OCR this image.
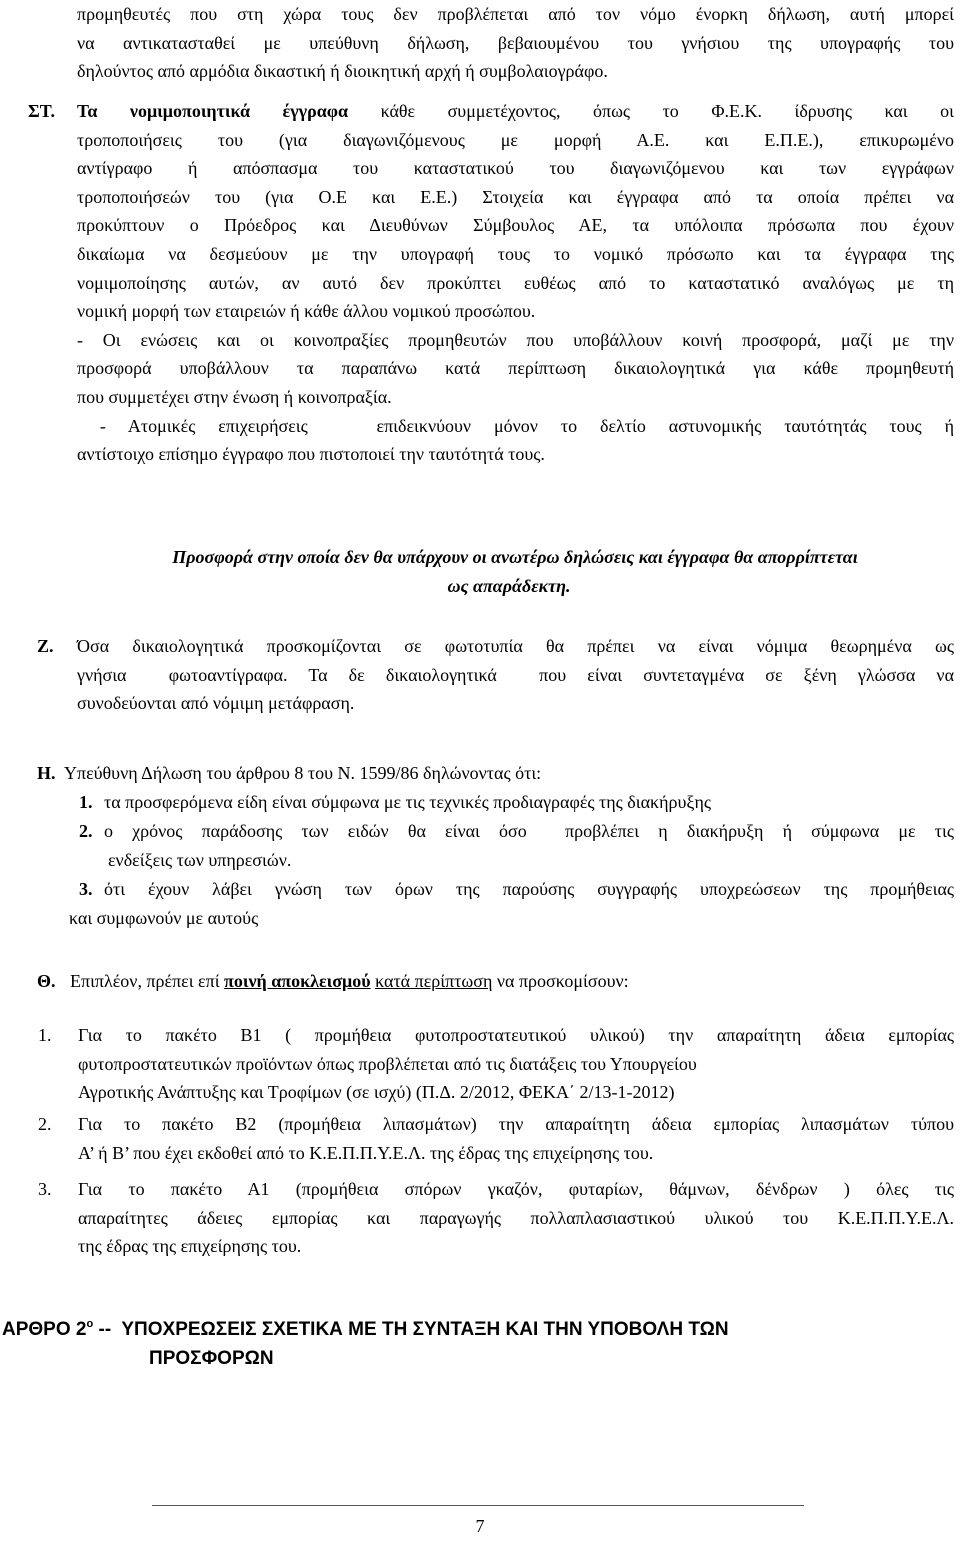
προμηθευτές που στη χώρα τους δεν προβλέπεται από τον νόμο ένορκη δήλωση, αυτή μπορεί
να αντικατασταθεί με υπεύθυνη δήλωση, βεβαιουμένου του γνήσιου της υπογραφής του
δηλούντος από αρμόδια δικαστική ή διοικητική αρχή ή συμβολαιογράφο.
ΣΤ. Τα νομιμοποιητικά έγγραφα κάθε συμμετέχοντος, όπως το Φ.Ε.Κ. ίδρυσης και οι
τροποποιήσεις του (για διαγωνιζόμενους με μορφή Α.Ε. και Ε.Π.Ε.), επικυρωμένο
αντίγραφο ή απόσπασμα του καταστατικού του διαγωνιζόμενου και των εγγράφων
τροποποιήσεών του (για Ο.Ε και Ε.Ε.) Στοιχεία και έγγραφα από τα οποία πρέπει να
προκύπτουν ο Πρόεδρος και Διευθύνων Σύμβουλος ΑΕ, τα υπόλοιπα πρόσωπα που έχουν
δικαίωμα να δεσμεύουν με την υπογραφή τους το νομικό πρόσωπο και τα έγγραφα της
νομιμοποίησης αυτών, αν αυτό δεν προκύπτει ευθέως από το καταστατικό αναλόγως με τη
νομική μορφή των εταιρειών ή κάθε άλλου νομικού προσώπου.
- Οι ενώσεις και οι κοινοπραξίες προμηθευτών που υποβάλλουν κοινή προσφορά, μαζί με την
προσφορά υποβάλλουν τα παραπάνω κατά περίπτωση δικαιολογητικά για κάθε προμηθευτή
που συμμετέχει στην ένωση ή κοινοπραξία.
- Ατομικές επιχειρήσεις   επιδεικνύουν μόνον το δελτίο αστυνομικής ταυτότητάς τους ή
αντίστοιχο επίσημο έγγραφο που πιστοποιεί την ταυτότητά τους.
Προσφορά στην οποία δεν θα υπάρχουν οι ανωτέρω δηλώσεις και έγγραφα θα απορρίπτεται
ως απαράδεκτη.
Ζ. Όσα δικαιολογητικά προσκομίζονται σε φωτοτυπία θα πρέπει να είναι νόμιμα θεωρημένα ως
γνήσια  φωτοαντίγραφα. Τα δε δικαιολογητικά  που είναι συντεταγμένα σε ξένη γλώσσα να
συνοδεύονται από νόμιμη μετάφραση.
Η. Υπεύθυνη Δήλωση του άρθρου 8 του Ν. 1599/86 δηλώνοντας ότι:
1. τα προσφερόμενα είδη είναι σύμφωνα με τις τεχνικές προδιαγραφές της διακήρυξης
2. ο χρόνος παράδοσης των ειδών θα είναι όσο  προβλέπει η διακήρυξη ή σύμφωνα με τις
ενδείξεις των υπηρεσιών.
3. ότι έχουν λάβει γνώση των όρων της παρούσης συγγραφής υποχρεώσεων της προμήθειας
και συμφωνούν με αυτούς
Θ. Επιπλέον, πρέπει επί ποινή αποκλεισμού κατά περίπτωση να προσκομίσουν:
1. Για το πακέτο Β1 ( προμήθεια φυτοπροστατευτικού υλικού) την απαραίτητη άδεια εμπορίας
φυτοπροστατευτικών προϊόντων όπως προβλέπεται από τις διατάξεις του Υπουργείου
Αγροτικής Ανάπτυξης και Τροφίμων (σε ισχύ) (Π.Δ. 2/2012, ΦΕΚΑ΄ 2/13-1-2012)
2. Για το πακέτο Β2 (προμήθεια λιπασμάτων) την απαραίτητη άδεια εμπορίας λιπασμάτων τύπου
Α’ ή Β’ που έχει εκδοθεί από το Κ.Ε.Π.Π.Υ.Ε.Λ. της έδρας της επιχείρησης του.
3. Για το πακέτο Α1 (προμήθεια σπόρων γκαζόν, φυταρίων, θάμνων, δένδρων ) όλες τις
απαραίτητες άδειες εμπορίας και παραγωγής πολλαπλασιαστικού υλικού του Κ.Ε.Π.Π.Υ.Ε.Λ.
της έδρας της επιχείρησης του.
ΑΡΘΡΟ $2^o$ --  ΥΠΟΧΡΕΩΣΕΙΣ ΣΧΕΤΙΚΑ ΜΕ ΤΗ ΣΥΝΤΑΞΗ ΚΑΙ ΤΗΝ ΥΠΟΒΟΛΗ ΤΩΝ
ΠΡΟΣΦΟΡΩΝ
7
